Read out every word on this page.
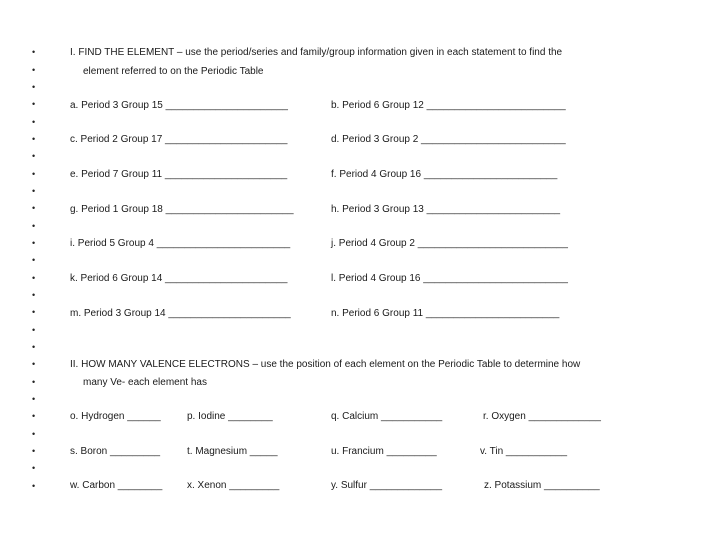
•
•
•
•
•
•
•
•
•
•
•
•
•
•
•
•
•
•
•
•
•
•
•
•
•
•
I. FIND THE ELEMENT – use the period/series and family/group information given in each statement to find the
element referred to on the Periodic Table
a. Period 3 Group 15 ______________________	b. Period 6 Group 12 _________________________
c. Period 2 Group 17 ______________________	d. Period 3 Group 2 __________________________
e. Period 7 Group 11 ______________________	f. Period 4 Group 16 ________________________
g. Period 1 Group 18 _______________________	h. Period 3 Group 13 ________________________
i. Period 5 Group 4 ________________________	j. Period 4 Group 2 ___________________________
k. Period 6 Group 14 ______________________	l. Period 4 Group 16 __________________________
m. Period 3 Group 14 ______________________	n. Period 6 Group 11 ________________________
II. HOW MANY VALENCE ELECTRONS – use the position of each element on the Periodic Table to determine how
many Ve- each element has
o. Hydrogen ______	p. Iodine ________	q. Calcium ___________	r. Oxygen _____________
s. Boron _________	t. Magnesium _____	u. Francium _________	v. Tin ___________
w. Carbon ________ x. Xenon _________	y. Sulfur _____________	z. Potassium __________
